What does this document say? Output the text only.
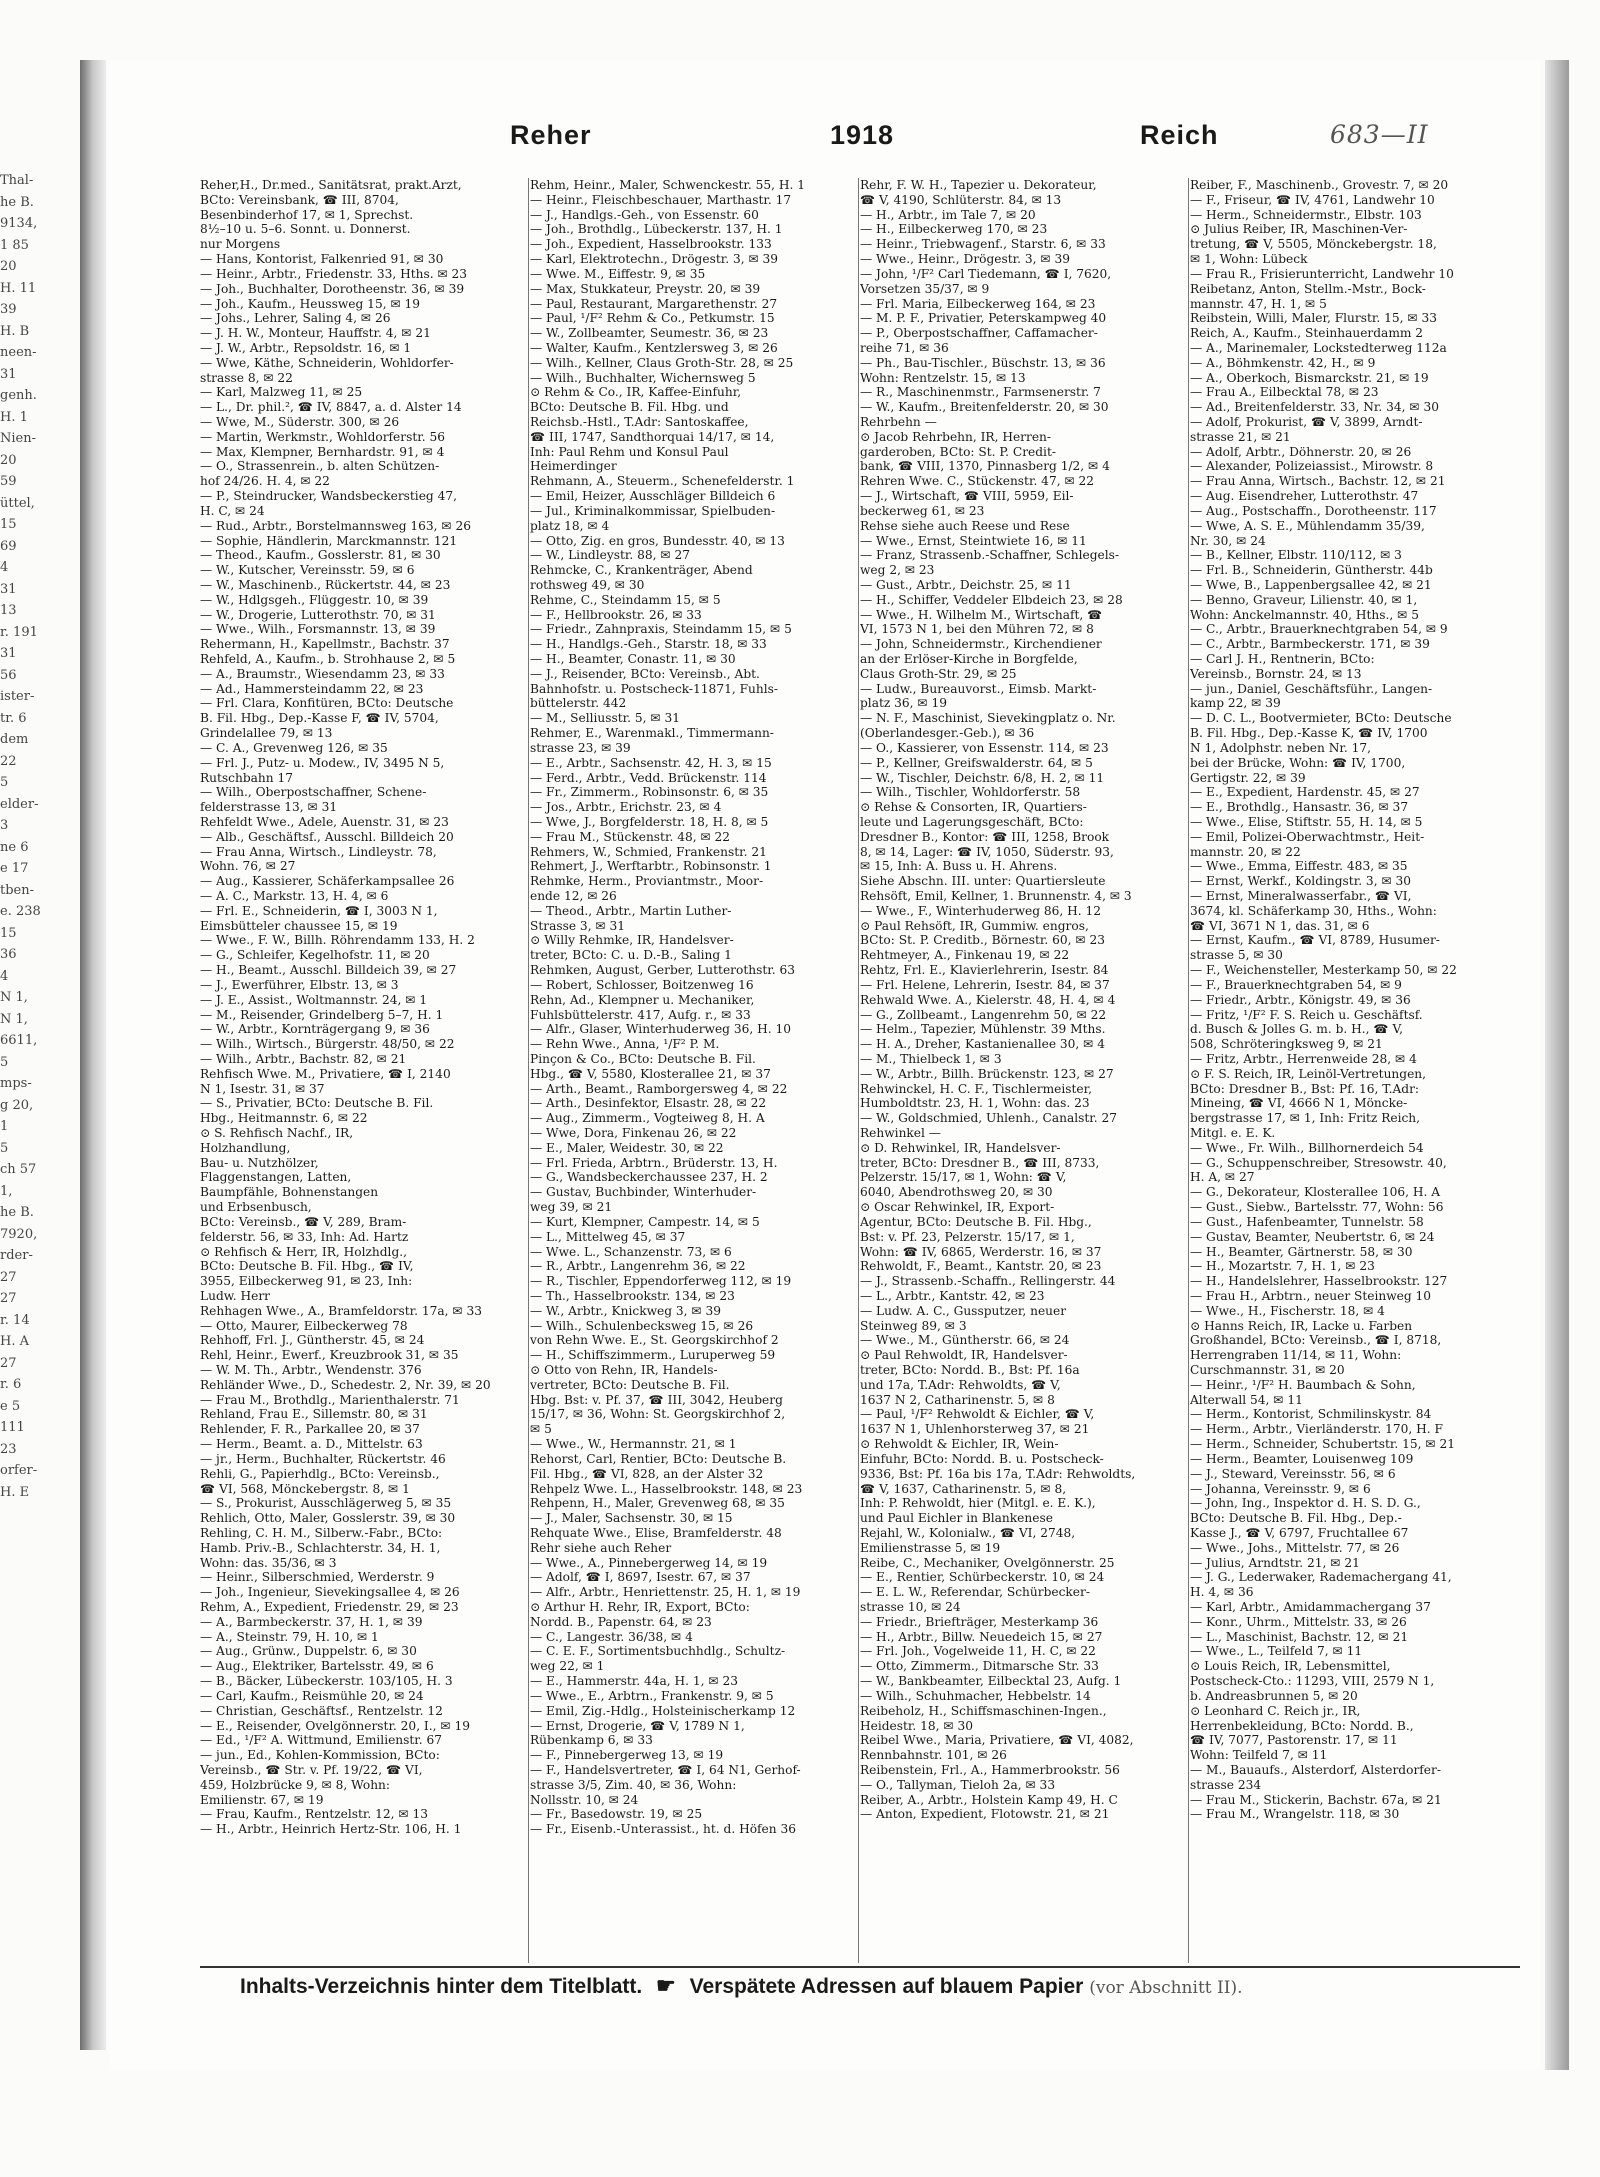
Thal-
he B.
9134,
1 85
20
H. 11
39
H. B
neen-
31
genh.
H. 1
Nien-
20
59
üttel,
15
69
4
31
13
r. 191
31
56
ister-
tr. 6
dem
22
5
elder-
3
ne 6
e 17
tben-
e. 238
15
36
4
N 1,
N 1,
6611,
5
mps-
g 20,
1
5
ch 57
1,
he B.
7920,
rder-
27
27
r. 14
H. A
27
r. 6
e 5
111
23
orfer-
H. E
Reher	1918	Reich	683—II
Reher,H., Dr.med., Sanitätsrat, prakt.Arzt,
BCto: Vereinsbank, ☎ III, 8704,
Besenbinderhof 17, ✉ 1, Sprechst.
8½–10 u. 5–6. Sonnt. u. Donnerst.
nur Morgens
— Hans, Kontorist, Falkenried 91, ✉ 30
— Heinr., Arbtr., Friedenstr. 33, Hths. ✉ 23
— Joh., Buchhalter, Dorotheenstr. 36, ✉ 39
— Joh., Kaufm., Heussweg 15, ✉ 19
— Johs., Lehrer, Saling 4, ✉ 26
— J. H. W., Monteur, Hauffstr. 4, ✉ 21
— J. W., Arbtr., Repsoldstr. 16, ✉ 1
— Wwe, Käthe, Schneiderin, Wohldorfer-
strasse 8, ✉ 22
— Karl, Malzweg 11, ✉ 25
— L., Dr. phil.², ☎ IV, 8847, a. d. Alster 14
— Wwe, M., Süderstr. 300, ✉ 26
— Martin, Werkmstr., Wohldorferstr. 56
— Max, Klempner, Bernhardstr. 91, ✉ 4
— O., Strassenrein., b. alten Schützen-
hof 24/26. H. 4, ✉ 22
— P., Steindrucker, Wandsbeckerstieg 47,
H. C, ✉ 24
— Rud., Arbtr., Borstelmannsweg 163, ✉ 26
— Sophie, Händlerin, Marckmannstr. 121
— Theod., Kaufm., Gosslerstr. 81, ✉ 30
— W., Kutscher, Vereinsstr. 59, ✉ 6
— W., Maschinenb., Rückertstr. 44, ✉ 23
— W., Hdlgsgeh., Flüggestr. 10, ✉ 39
— W., Drogerie, Lutterothstr. 70, ✉ 31
— Wwe., Wilh., Forsmannstr. 13, ✉ 39
Rehermann, H., Kapellmstr., Bachstr. 37
Rehfeld, A., Kaufm., b. Strohhause 2, ✉ 5
— A., Braumstr., Wiesendamm 23, ✉ 33
— Ad., Hammersteindamm 22, ✉ 23
— Frl. Clara, Konfitüren, BCto: Deutsche
B. Fil. Hbg., Dep.-Kasse F, ☎ IV, 5704,
Grindelallee 79, ✉ 13
— C. A., Grevenweg 126, ✉ 35
— Frl. J., Putz- u. Modew., IV, 3495 N 5,
Rutschbahn 17
— Wilh., Oberpostschaffner, Schene-
felderstrasse 13, ✉ 31
Rehfeldt Wwe., Adele, Auenstr. 31, ✉ 23
— Alb., Geschäftsf., Ausschl. Billdeich 20
— Frau Anna, Wirtsch., Lindleystr. 78,
Wohn. 76, ✉ 27
— Aug., Kassierer, Schäferkampsallee 26
— A. C., Markstr. 13, H. 4, ✉ 6
— Frl. E., Schneiderin, ☎ I, 3003 N 1,
Eimsbütteler chaussee 15, ✉ 19
— Wwe., F. W., Billh. Röhrendamm 133, H. 2
— G., Schleifer, Kegelhofstr. 11, ✉ 20
— H., Beamt., Ausschl. Billdeich 39, ✉ 27
— J., Ewerführer, Elbstr. 13, ✉ 3
— J. E., Assist., Woltmannstr. 24, ✉ 1
— M., Reisender, Grindelberg 5–7, H. 1
— W., Arbtr., Kornträgergang 9, ✉ 36
— Wilh., Wirtsch., Bürgerstr. 48/50, ✉ 22
— Wilh., Arbtr., Bachstr. 82, ✉ 21
Rehfisch Wwe. M., Privatiere, ☎ I, 2140
N 1, Isestr. 31, ✉ 37
— S., Privatier, BCto: Deutsche B. Fil.
Hbg., Heitmannstr. 6, ✉ 22
⊙ S. Rehfisch Nachf., IR,
Holzhandlung,
Bau- u. Nutzhölzer,
Flaggenstangen, Latten,
Baumpfähle, Bohnenstangen
und Erbsenbusch,
BCto: Vereinsb., ☎ V, 289, Bram-
felderstr. 56, ✉ 33, Inh: Ad. Hartz
⊙ Rehfisch & Herr, IR, Holzhdlg.,
BCto: Deutsche B. Fil. Hbg., ☎ IV,
3955, Eilbeckerweg 91, ✉ 23, Inh:
Ludw. Herr
Rehhagen Wwe., A., Bramfeldorstr. 17a, ✉ 33
— Otto, Maurer, Eilbeckerweg 78
Rehhoff, Frl. J., Güntherstr. 45, ✉ 24
Rehl, Heinr., Ewerf., Kreuzbrook 31, ✉ 35
— W. M. Th., Arbtr., Wendenstr. 376
Rehländer Wwe., D., Schedestr. 2, Nr. 39, ✉ 20
— Frau M., Brothdlg., Marienthalerstr. 71
Rehland, Frau E., Sillemstr. 80, ✉ 31
Rehlender, F. R., Parkallee 20, ✉ 37
— Herm., Beamt. a. D., Mittelstr. 63
— jr., Herm., Buchhalter, Rückertstr. 46
Rehli, G., Papierhdlg., BCto: Vereinsb.,
☎ VI, 568, Mönckebergstr. 8, ✉ 1
— S., Prokurist, Ausschlägerweg 5, ✉ 35
Rehlich, Otto, Maler, Gosslerstr. 39, ✉ 30
Rehling, C. H. M., Silberw.-Fabr., BCto:
Hamb. Priv.-B., Schlachterstr. 34, H. 1,
Wohn: das. 35/36, ✉ 3
— Heinr., Silberschmied, Werderstr. 9
— Joh., Ingenieur, Sievekingsallee 4, ✉ 26
Rehm, A., Expedient, Friedenstr. 29, ✉ 23
— A., Barmbeckerstr. 37, H. 1, ✉ 39
— A., Steinstr. 79, H. 10, ✉ 1
— Aug., Grünw., Duppelstr. 6, ✉ 30
— Aug., Elektriker, Bartelsstr. 49, ✉ 6
— B., Bäcker, Lübeckerstr. 103/105, H. 3
— Carl, Kaufm., Reismühle 20, ✉ 24
— Christian, Geschäftsf., Rentzelstr. 12
— E., Reisender, Ovelgönnerstr. 20, I., ✉ 19
— Ed., ¹/F² A. Wittmund, Emilienstr. 67
— jun., Ed., Kohlen-Kommission, BCto:
Vereinsb., ☎ Str. v. Pf. 19/22, ☎ VI,
459, Holzbrücke 9, ✉ 8, Wohn:
Emilienstr. 67, ✉ 19
— Frau, Kaufm., Rentzelstr. 12, ✉ 13
— H., Arbtr., Heinrich Hertz-Str. 106, H. 1
Rehm, Heinr., Maler, Schwenckestr. 55, H. 1
— Heinr., Fleischbeschauer, Marthastr. 17
— J., Handlgs.-Geh., von Essenstr. 60
— Joh., Brothdlg., Lübeckerstr. 137, H. 1
— Joh., Expedient, Hasselbrookstr. 133
— Karl, Elektrotechn., Drögestr. 3, ✉ 39
— Wwe. M., Eiffestr. 9, ✉ 35
— Max, Stukkateur, Preystr. 20, ✉ 39
— Paul, Restaurant, Margarethenstr. 27
— Paul, ¹/F² Rehm & Co., Petkumstr. 15
— W., Zollbeamter, Seumestr. 36, ✉ 23
— Walter, Kaufm., Kentzlersweg 3, ✉ 26
— Wilh., Kellner, Claus Groth-Str. 28, ✉ 25
— Wilh., Buchhalter, Wichernsweg 5
⊙ Rehm & Co., IR, Kaffee-Einfuhr,
BCto: Deutsche B. Fil. Hbg. und
Reichsb.-Hstl., T.Adr: Santoskaffee,
☎ III, 1747, Sandthorquai 14/17, ✉ 14,
Inh: Paul Rehm und Konsul Paul
Heimerdinger
Rehmann, A., Steuerm., Schenefelderstr. 1
— Emil, Heizer, Ausschläger Billdeich 6
— Jul., Kriminalkommissar, Spielbuden-
platz 18, ✉ 4
— Otto, Zig. en gros, Bundesstr. 40, ✉ 13
— W., Lindleystr. 88, ✉ 27
Rehmcke, C., Krankenträger, Abend
rothsweg 49, ✉ 30
Rehme, C., Steindamm 15, ✉ 5
— F., Hellbrookstr. 26, ✉ 33
— Friedr., Zahnpraxis, Steindamm 15, ✉ 5
— H., Handlgs.-Geh., Starstr. 18, ✉ 33
— H., Beamter, Conastr. 11, ✉ 30
— J., Reisender, BCto: Vereinsb., Abt.
Bahnhofstr. u. Postscheck-11871, Fuhls-
büttelerstr. 442
— M., Selliusstr. 5, ✉ 31
Rehmer, E., Warenmakl., Timmermann-
strasse 23, ✉ 39
— E., Arbtr., Sachsenstr. 42, H. 3, ✉ 15
— Ferd., Arbtr., Vedd. Brückenstr. 114
— Fr., Zimmerm., Robinsonstr. 6, ✉ 35
— Jos., Arbtr., Erichstr. 23, ✉ 4
— Wwe, J., Borgfelderstr. 18, H. 8, ✉ 5
— Frau M., Stückenstr. 48, ✉ 22
Rehmers, W., Schmied, Frankenstr. 21
Rehmert, J., Werftarbtr., Robinsonstr. 1
Rehmke, Herm., Proviantmstr., Moor-
ende 12, ✉ 26
— Theod., Arbtr., Martin Luther-
Strasse 3, ✉ 31
⊙ Willy Rehmke, IR, Handelsver-
treter, BCto: C. u. D.-B., Saling 1
Rehmken, August, Gerber, Lutterothstr. 63
— Robert, Schlosser, Boitzenweg 16
Rehn, Ad., Klempner u. Mechaniker,
Fuhlsbüttelerstr. 417, Aufg. r., ✉ 33
— Alfr., Glaser, Winterhuderweg 36, H. 10
— Rehn Wwe., Anna, ¹/F² P. M.
Pinçon & Co., BCto: Deutsche B. Fil.
Hbg., ☎ V, 5580, Klosterallee 21, ✉ 37
— Arth., Beamt., Ramborgersweg 4, ✉ 22
— Arth., Desinfektor, Elsastr. 28, ✉ 22
— Aug., Zimmerm., Vogteiweg 8, H. A
— Wwe, Dora, Finkenau 26, ✉ 22
— E., Maler, Weidestr. 30, ✉ 22
— Frl. Frieda, Arbtrn., Brüderstr. 13, H.
— G., Wandsbeckerchaussee 237, H. 2
— Gustav, Buchbinder, Winterhuder-
weg 39, ✉ 21
— Kurt, Klempner, Campestr. 14, ✉ 5
— L., Mittelweg 45, ✉ 37
— Wwe. L., Schanzenstr. 73, ✉ 6
— R., Arbtr., Langenrehm 36, ✉ 22
— R., Tischler, Eppendorferweg 112, ✉ 19
— Th., Hasselbrookstr. 134, ✉ 23
— W., Arbtr., Knickweg 3, ✉ 39
— Wilh., Schulenbecksweg 15, ✉ 26
von Rehn Wwe. E., St. Georgskirchhof 2
— H., Schiffszimmerm., Luruperweg 59
⊙ Otto von Rehn, IR, Handels-
vertreter, BCto: Deutsche B. Fil.
Hbg. Bst: v. Pf. 37, ☎ III, 3042, Heuberg
15/17, ✉ 36, Wohn: St. Georgskirchhof 2,
✉ 5
— Wwe., W., Hermannstr. 21, ✉ 1
Rehorst, Carl, Rentier, BCto: Deutsche B.
Fil. Hbg., ☎ VI, 828, an der Alster 32
Rehpelz Wwe. L., Hasselbrookstr. 148, ✉ 23
Rehpenn, H., Maler, Grevenweg 68, ✉ 35
— J., Maler, Sachsenstr. 30, ✉ 15
Rehquate Wwe., Elise, Bramfelderstr. 48
Rehr siehe auch Reher
— Wwe., A., Pinnebergerweg 14, ✉ 19
— Adolf, ☎ I, 8697, Isestr. 67, ✉ 37
— Alfr., Arbtr., Henriettenstr. 25, H. 1, ✉ 19
⊙ Arthur H. Rehr, IR, Export, BCto:
Nordd. B., Papenstr. 64, ✉ 23
— C., Langestr. 36/38, ✉ 4
— C. E. F., Sortimentsbuchhdlg., Schultz-
weg 22, ✉ 1
— E., Hammerstr. 44a, H. 1, ✉ 23
— Wwe., E., Arbtrn., Frankenstr. 9, ✉ 5
— Emil, Zig.-Hdlg., Holsteinischerkamp 12
— Ernst, Drogerie, ☎ V, 1789 N 1,
Rübenkamp 6, ✉ 33
— F., Pinnebergerweg 13, ✉ 19
— F., Handelsvertreter, ☎ I, 64 N1, Gerhof-
strasse 3/5, Zim. 40, ✉ 36, Wohn:
Nollsstr. 10, ✉ 24
— Fr., Basedowstr. 19, ✉ 25
— Fr., Eisenb.-Unterassist., ht. d. Höfen 36
Rehr, F. W. H., Tapezier u. Dekorateur,
☎ V, 4190, Schlüterstr. 84, ✉ 13
— H., Arbtr., im Tale 7, ✉ 20
— H., Eilbeckerweg 170, ✉ 23
— Heinr., Triebwagenf., Starstr. 6, ✉ 33
— Wwe., Heinr., Drögestr. 3, ✉ 39
— John, ¹/F² Carl Tiedemann, ☎ I, 7620,
Vorsetzen 35/37, ✉ 9
— Frl. Maria, Eilbeckerweg 164, ✉ 23
— M. P. F., Privatier, Peterskampweg 40
— P., Oberpostschaffner, Caffamacher-
reihe 71, ✉ 36
— Ph., Bau-Tischler., Büschstr. 13, ✉ 36
Wohn: Rentzelstr. 15, ✉ 13
— R., Maschinenmstr., Farmsenerstr. 7
— W., Kaufm., Breitenfelderstr. 20, ✉ 30
Rehrbehn —
⊙ Jacob Rehrbehn, IR, Herren-
garderoben, BCto: St. P. Credit-
bank, ☎ VIII, 1370, Pinnasberg 1/2, ✉ 4
Rehren Wwe. C., Stückenstr. 47, ✉ 22
— J., Wirtschaft, ☎ VIII, 5959, Eil-
beckerweg 61, ✉ 23
Rehse siehe auch Reese und Rese
— Wwe., Ernst, Steintwiete 16, ✉ 11
— Franz, Strassenb.-Schaffner, Schlegels-
weg 2, ✉ 23
— Gust., Arbtr., Deichstr. 25, ✉ 11
— H., Schiffer, Veddeler Elbdeich 23, ✉ 28
— Wwe., H. Wilhelm M., Wirtschaft, ☎
VI, 1573 N 1, bei den Mühren 72, ✉ 8
— John, Schneidermstr., Kirchendiener
an der Erlöser-Kirche in Borgfelde,
Claus Groth-Str. 29, ✉ 25
— Ludw., Bureauvorst., Eimsb. Markt-
platz 36, ✉ 19
— N. F., Maschinist, Sievekingplatz o. Nr.
(Oberlandesger.-Geb.), ✉ 36
— O., Kassierer, von Essenstr. 114, ✉ 23
— P., Kellner, Greifswalderstr. 64, ✉ 5
— W., Tischler, Deichstr. 6/8, H. 2, ✉ 11
— Wilh., Tischler, Wohldorferstr. 58
⊙ Rehse & Consorten, IR, Quartiers-
leute und Lagerungsgeschäft, BCto:
Dresdner B., Kontor: ☎ III, 1258, Brook
8, ✉ 14, Lager: ☎ IV, 1050, Süderstr. 93,
✉ 15, Inh: A. Buss u. H. Ahrens.
Siehe Abschn. III. unter: Quartiersleute
Rehsöft, Emil, Kellner, 1. Brunnenstr. 4, ✉ 3
— Wwe., F., Winterhuderweg 86, H. 12
⊙ Paul Rehsöft, IR, Gummiw. engros,
BCto: St. P. Creditb., Börnestr. 60, ✉ 23
Rehtmeyer, A., Finkenau 19, ✉ 22
Rehtz, Frl. E., Klavierlehrerin, Isestr. 84
— Frl. Helene, Lehrerin, Isestr. 84, ✉ 37
Rehwald Wwe. A., Kielerstr. 48, H. 4, ✉ 4
— G., Zollbeamt., Langenrehm 50, ✉ 22
— Helm., Tapezier, Mühlenstr. 39 Mths.
— H. A., Dreher, Kastanienallee 30, ✉ 4
— M., Thielbeck 1, ✉ 3
— W., Arbtr., Billh. Brückenstr. 123, ✉ 27
Rehwinckel, H. C. F., Tischlermeister,
Humboldtstr. 23, H. 1, Wohn: das. 23
— W., Goldschmied, Uhlenh., Canalstr. 27
Rehwinkel —
⊙ D. Rehwinkel, IR, Handelsver-
treter, BCto: Dresdner B., ☎ III, 8733,
Pelzerstr. 15/17, ✉ 1, Wohn: ☎ V,
6040, Abendrothsweg 20, ✉ 30
⊙ Oscar Rehwinkel, IR, Export-
Agentur, BCto: Deutsche B. Fil. Hbg.,
Bst: v. Pf. 23, Pelzerstr. 15/17, ✉ 1,
Wohn: ☎ IV, 6865, Werderstr. 16, ✉ 37
Rehwoldt, F., Beamt., Kantstr. 20, ✉ 23
— J., Strassenb.-Schaffn., Rellingerstr. 44
— L., Arbtr., Kantstr. 42, ✉ 23
— Ludw. A. C., Gussputzer, neuer
Steinweg 89, ✉ 3
— Wwe., M., Güntherstr. 66, ✉ 24
⊙ Paul Rehwoldt, IR, Handelsver-
treter, BCto: Nordd. B., Bst: Pf. 16a
und 17a, T.Adr: Rehwoldts, ☎ V,
1637 N 2, Catharinenstr. 5, ✉ 8
— Paul, ¹/F² Rehwoldt & Eichler, ☎ V,
1637 N 1, Uhlenhorsterweg 37, ✉ 21
⊙ Rehwoldt & Eichler, IR, Wein-
Einfuhr, BCto: Nordd. B. u. Postscheck-
9336, Bst: Pf. 16a bis 17a, T.Adr: Rehwoldts,
☎ V, 1637, Catharinenstr. 5, ✉ 8,
Inh: P. Rehwoldt, hier (Mitgl. e. E. K.),
und Paul Eichler in Blankenese
Rejahl, W., Kolonialw., ☎ VI, 2748,
Emilienstrasse 5, ✉ 19
Reibe, C., Mechaniker, Ovelgönnerstr. 25
— E., Rentier, Schürbeckerstr. 10, ✉ 24
— E. L. W., Referendar, Schürbecker-
strasse 10, ✉ 24
— Friedr., Briefträger, Mesterkamp 36
— H., Arbtr., Billw. Neuedeich 15, ✉ 27
— Frl. Joh., Vogelweide 11, H. C, ✉ 22
— Otto, Zimmerm., Ditmarsche Str. 33
— W., Bankbeamter, Eilbecktal 23, Aufg. 1
— Wilh., Schuhmacher, Hebbelstr. 14
Reibeholz, H., Schiffsmaschinen-Ingen.,
Heidestr. 18, ✉ 30
Reibel Wwe., Maria, Privatiere, ☎ VI, 4082,
Rennbahnstr. 101, ✉ 26
Reibenstein, Frl., A., Hammerbrookstr. 56
— O., Tallyman, Tieloh 2a, ✉ 33
Reiber, A., Arbtr., Holstein Kamp 49, H. C
— Anton, Expedient, Flotowstr. 21, ✉ 21
Reiber, F., Maschinenb., Grovestr. 7, ✉ 20
— F., Friseur, ☎ IV, 4761, Landwehr 10
— Herm., Schneidermstr., Elbstr. 103
⊙ Julius Reiber, IR, Maschinen-Ver-
tretung, ☎ V, 5505, Mönckebergstr. 18,
✉ 1, Wohn: Lübeck
— Frau R., Frisierunterricht, Landwehr 10
Reibetanz, Anton, Stellm.-Mstr., Bock-
mannstr. 47, H. 1, ✉ 5
Reibstein, Willi, Maler, Flurstr. 15, ✉ 33
Reich, A., Kaufm., Steinhauerdamm 2
— A., Marinemaler, Lockstedterweg 112a
— A., Böhmkenstr. 42, H., ✉ 9
— A., Oberkoch, Bismarckstr. 21, ✉ 19
— Frau A., Eilbecktal 78, ✉ 23
— Ad., Breitenfelderstr. 33, Nr. 34, ✉ 30
— Adolf, Prokurist, ☎ V, 3899, Arndt-
strasse 21, ✉ 21
— Adolf, Arbtr., Döhnerstr. 20, ✉ 26
— Alexander, Polizeiassist., Mirowstr. 8
— Frau Anna, Wirtsch., Bachstr. 12, ✉ 21
— Aug. Eisendreher, Lutterothstr. 47
— Aug., Postschaffn., Dorotheenstr. 117
— Wwe, A. S. E., Mühlendamm 35/39,
Nr. 30, ✉ 24
— B., Kellner, Elbstr. 110/112, ✉ 3
— Frl. B., Schneiderin, Güntherstr. 44b
— Wwe, B., Lappenbergsallee 42, ✉ 21
— Benno, Graveur, Lilienstr. 40, ✉ 1,
Wohn: Anckelmannstr. 40, Hths., ✉ 5
— C., Arbtr., Brauerknechtgraben 54, ✉ 9
— C., Arbtr., Barmbeckerstr. 171, ✉ 39
— Carl J. H., Rentnerin, BCto:
Vereinsb., Bornstr. 24, ✉ 13
— jun., Daniel, Geschäftsführ., Langen-
kamp 22, ✉ 39
— D. C. L., Bootvermieter, BCto: Deutsche
B. Fil. Hbg., Dep.-Kasse K, ☎ IV, 1700
N 1, Adolphstr. neben Nr. 17,
bei der Brücke, Wohn: ☎ IV, 1700,
Gertigstr. 22, ✉ 39
— E., Expedient, Hardenstr. 45, ✉ 27
— E., Brothdlg., Hansastr. 36, ✉ 37
— Wwe., Elise, Stiftstr. 55, H. 14, ✉ 5
— Emil, Polizei-Oberwachtmstr., Heit-
mannstr. 20, ✉ 22
— Wwe., Emma, Eiffestr. 483, ✉ 35
— Ernst, Werkf., Koldingstr. 3, ✉ 30
— Ernst, Mineralwasserfabr., ☎ VI,
3674, kl. Schäferkamp 30, Hths., Wohn:
☎ VI, 3671 N 1, das. 31, ✉ 6
— Ernst, Kaufm., ☎ VI, 8789, Husumer-
strasse 5, ✉ 30
— F., Weichensteller, Mesterkamp 50, ✉ 22
— F., Brauerknechtgraben 54, ✉ 9
— Friedr., Arbtr., Königstr. 49, ✉ 36
— Fritz, ¹/F² F. S. Reich u. Geschäftsf.
d. Busch & Jolles G. m. b. H., ☎ V,
508, Schröteringksweg 9, ✉ 21
— Fritz, Arbtr., Herrenweide 28, ✉ 4
⊙ F. S. Reich, IR, Leinöl-Vertretungen,
BCto: Dresdner B., Bst: Pf. 16, T.Adr:
Mineing, ☎ VI, 4666 N 1, Möncke-
bergstrasse 17, ✉ 1, Inh: Fritz Reich,
Mitgl. e. E. K.
— Wwe., Fr. Wilh., Billhornerdeich 54
— G., Schuppenschreiber, Stresowstr. 40,
H. A, ✉ 27
— G., Dekorateur, Klosterallee 106, H. A
— Gust., Siebw., Bartelsstr. 77, Wohn: 56
— Gust., Hafenbeamter, Tunnelstr. 58
— Gustav, Beamter, Neubertstr. 6, ✉ 24
— H., Beamter, Gärtnerstr. 58, ✉ 30
— H., Mozartstr. 7, H. 1, ✉ 23
— H., Handelslehrer, Hasselbrookstr. 127
— Frau H., Arbtrn., neuer Steinweg 10
— Wwe., H., Fischerstr. 18, ✉ 4
⊙ Hanns Reich, IR, Lacke u. Farben
Großhandel, BCto: Vereinsb., ☎ I, 8718,
Herrengraben 11/14, ✉ 11, Wohn:
Curschmannstr. 31, ✉ 20
— Heinr., ¹/F² H. Baumbach & Sohn,
Alterwall 54, ✉ 11
— Herm., Kontorist, Schmilinskystr. 84
— Herm., Arbtr., Vierländerstr. 170, H. F
— Herm., Schneider, Schubertstr. 15, ✉ 21
— Herm., Beamter, Louisenweg 109
— J., Steward, Vereinsstr. 56, ✉ 6
— Johanna, Vereinsstr. 9, ✉ 6
— John, Ing., Inspektor d. H. S. D. G.,
BCto: Deutsche B. Fil. Hbg., Dep.-
Kasse J., ☎ V, 6797, Fruchtallee 67
— Wwe., Johs., Mittelstr. 77, ✉ 26
— Julius, Arndtstr. 21, ✉ 21
— J. G., Lederwaker, Rademachergang 41,
H. 4, ✉ 36
— Karl, Arbtr., Amidammachergang 37
— Konr., Uhrm., Mittelstr. 33, ✉ 26
— L., Maschinist, Bachstr. 12, ✉ 21
— Wwe., L., Teilfeld 7, ✉ 11
⊙ Louis Reich, IR, Lebensmittel,
Postscheck-Cto.: 11293, VIII, 2579 N 1,
b. Andreasbrunnen 5, ✉ 20
⊙ Leonhard C. Reich jr., IR,
Herrenbekleidung, BCto: Nordd. B.,
☎ IV, 7077, Pastorenstr. 17, ✉ 11
Wohn: Teilfeld 7, ✉ 11
— M., Bauaufs., Alsterdorf, Alsterdorfer-
strasse 234
— Frau M., Stickerin, Bachstr. 67a, ✉ 21
— Frau M., Wrangelstr. 118, ✉ 30
Inhalts-Verzeichnis hinter dem Titelblatt. ☛ Verspätete Adressen auf blauem Papier (vor Abschnitt II).
